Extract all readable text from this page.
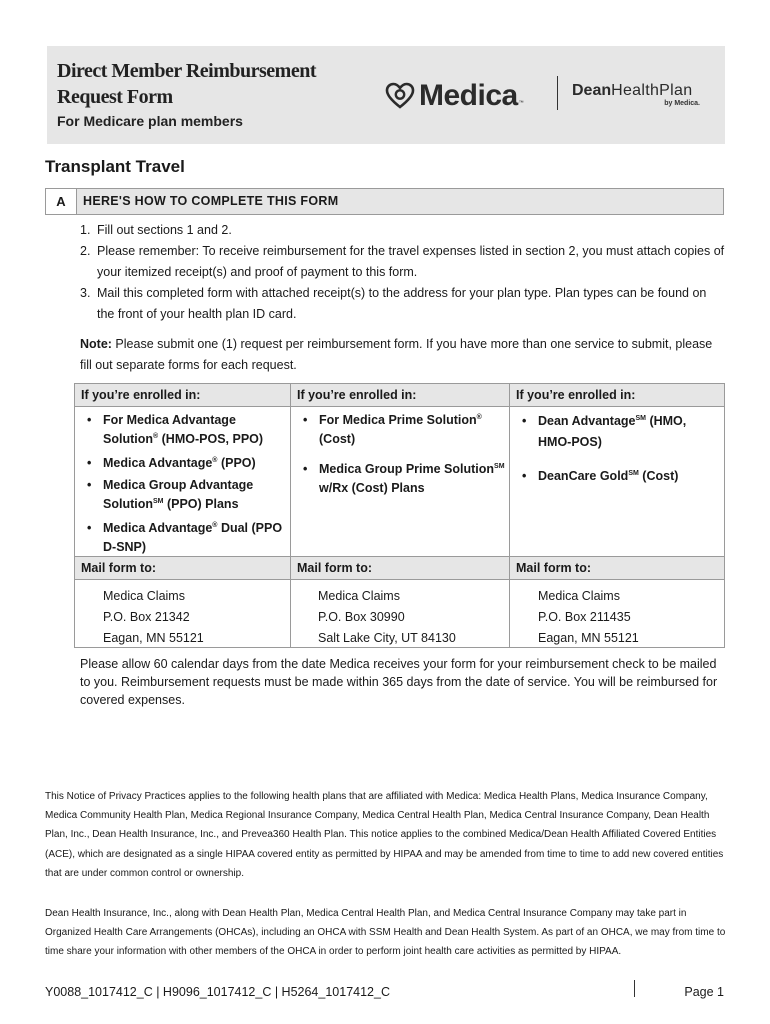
Direct Member Reimbursement Request Form
For Medicare plan members
Medica ™
DeanHealthPlan
by Medica.
Transplant Travel
A	HERE'S HOW TO COMPLETE THIS FORM
1. Fill out sections 1 and 2.
2. Please remember: To receive reimbursement for the travel expenses listed in section 2, you must attach copies of your itemized receipt(s) and proof of payment to this form.
3. Mail this completed form with attached receipt(s) to the address for your plan type. Plan types can be found on the front of your health plan ID card.
Note: Please submit one (1) request per reimbursement form. If you have more than one service to submit, please fill out separate forms for each request.
If you’re enrolled in:
• For Medica Advantage Solution® (HMO-POS, PPO)
• Medica Advantage® (PPO)
• Medica Group Advantage Solution℠ (PPO) Plans
• Medica Advantage® Dual (PPO D-SNP)
Mail form to:
Medica Claims
P.O. Box 21342
Eagan, MN 55121
If you’re enrolled in:
• For Medica Prime Solution® (Cost)
• Medica Group Prime Solution℠ w/Rx (Cost) Plans
Mail form to:
Medica Claims
P.O. Box 30990
Salt Lake City, UT 84130
If you’re enrolled in:
• Dean Advantage℠ (HMO, HMO-POS)
• DeanCare Gold℠ (Cost)
Mail form to:
Medica Claims
P.O. Box 211435
Eagan, MN 55121
Please allow 60 calendar days from the date Medica receives your form for your reimbursement check to be mailed to you. Reimbursement requests must be made within 365 days from the date of service. You will be reimbursed for covered expenses.
This Notice of Privacy Practices applies to the following health plans that are affiliated with Medica: Medica Health Plans, Medica Insurance Company, Medica Community Health Plan, Medica Regional Insurance Company, Medica Central Health Plan, Medica Central Insurance Company, Dean Health Plan, Inc., Dean Health Insurance, Inc., and Prevea360 Health Plan. This notice applies to the combined Medica/Dean Health Affiliated Covered Entities (ACE), which are designated as a single HIPAA covered entity as permitted by HIPAA and may be amended from time to time to add new covered entities that are under common control or ownership.
Dean Health Insurance, Inc., along with Dean Health Plan, Medica Central Health Plan, and Medica Central Insurance Company may take part in Organized Health Care Arrangements (OHCAs), including an OHCA with SSM Health and Dean Health System. As part of an OHCA, we may from time to time share your information with other members of the OHCA in order to perform joint health care activities as permitted by HIPAA.
Y0088_1017412_C | H9096_1017412_C | H5264_1017412_C	Page 1
